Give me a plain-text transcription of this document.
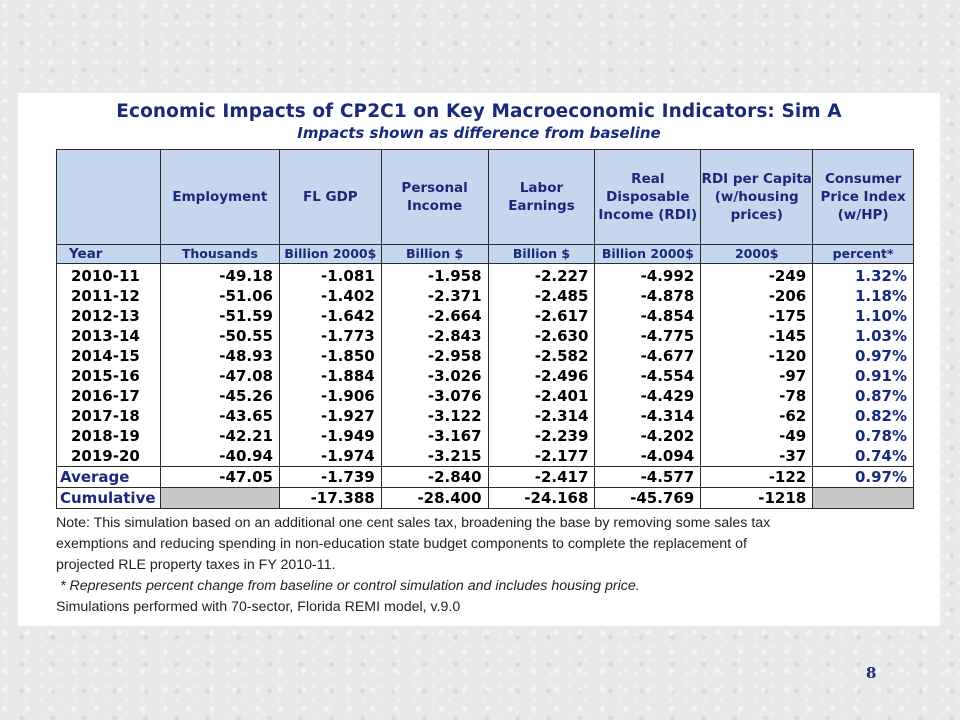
Economic Impacts of CP2C1 on Key Macroeconomic Indicators: Sim A
Impacts shown as difference from baseline
	Employment	FL GDP	Personal Income	Labor Earnings	Real Disposable Income (RDI)	RDI per Capita (w/housing prices)	Consumer Price Index (w/HP)
Year	Thousands	Billion 2000$	Billion $	Billion $	Billion 2000$	2000$	percent*
2010-11	-49.18	-1.081	-1.958	-2.227	-4.992	-249	1.32%
2011-12	-51.06	-1.402	-2.371	-2.485	-4.878	-206	1.18%
2012-13	-51.59	-1.642	-2.664	-2.617	-4.854	-175	1.10%
2013-14	-50.55	-1.773	-2.843	-2.630	-4.775	-145	1.03%
2014-15	-48.93	-1.850	-2.958	-2.582	-4.677	-120	0.97%
2015-16	-47.08	-1.884	-3.026	-2.496	-4.554	-97	0.91%
2016-17	-45.26	-1.906	-3.076	-2.401	-4.429	-78	0.87%
2017-18	-43.65	-1.927	-3.122	-2.314	-4.314	-62	0.82%
2018-19	-42.21	-1.949	-3.167	-2.239	-4.202	-49	0.78%
2019-20	-40.94	-1.974	-3.215	-2.177	-4.094	-37	0.74%
Average	-47.05	-1.739	-2.840	-2.417	-4.577	-122	0.97%
Cumulative		-17.388	-28.400	-24.168	-45.769	-1218	
Note: This simulation based on an additional one cent sales tax, broadening the base by removing some sales tax
exemptions and reducing spending in non-education state budget components to complete the replacement of
projected RLE property taxes in FY 2010-11.
* Represents percent change from baseline or control simulation and includes housing price.
Simulations performed with 70-sector, Florida REMI model, v.9.0
8
